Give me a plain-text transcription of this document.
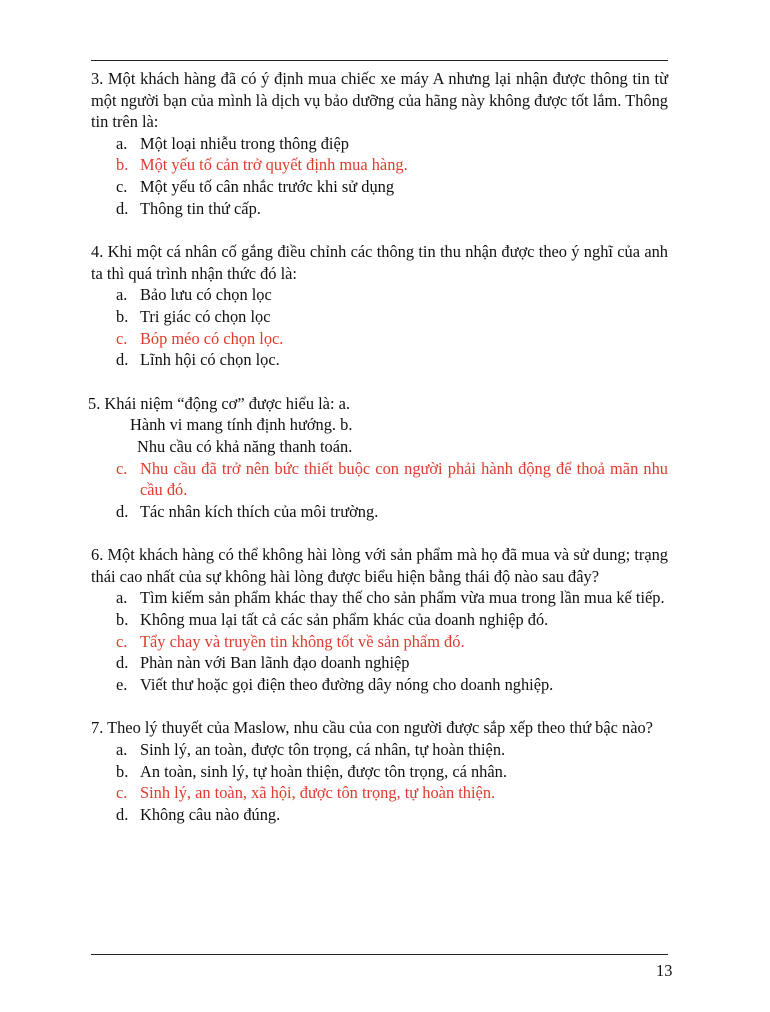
3. Một khách hàng đã có ý định mua chiếc xe máy A nhưng lại nhận được thông tin từ một người bạn của mình là dịch vụ bảo dưỡng của hãng này không được tốt lắm. Thông tin trên là:
a. Một loại nhiễu trong thông điệp
b. Một yếu tố cản trở quyết định mua hàng.
c. Một yếu tố cân nhắc trước khi sử dụng
d. Thông tin thứ cấp.
4. Khi một cá nhân cố gắng điều chỉnh các thông tin thu nhận được theo ý nghĩ của anh ta thì quá trình nhận thức đó là:
a. Bảo lưu có chọn lọc
b. Tri giác có chọn lọc
c. Bóp méo có chọn lọc.
d. Lĩnh hội có chọn lọc.
5. Khái niệm “động cơ” được hiểu là: a.
Hành vi mang tính định hướng. b.
Nhu cầu có khả năng thanh toán.
c. Nhu cầu đã trở nên bức thiết buộc con người phải hành động để thoả mãn nhu cầu đó.
d. Tác nhân kích thích của môi trường.
6. Một khách hàng có thể không hài lòng với sản phẩm mà họ đã mua và sử dung; trạng thái cao nhất của sự không hài lòng được biểu hiện bằng thái độ nào sau đây?
a. Tìm kiếm sản phẩm khác thay thế cho sản phẩm vừa mua trong lần mua kế tiếp.
b. Không mua lại tất cả các sản phẩm khác của doanh nghiệp đó.
c. Tẩy chay và truyền tin không tốt về sản phẩm đó.
d. Phàn nàn với Ban lãnh đạo doanh nghiệp
e. Viết thư hoặc gọi điện theo đường dây nóng cho doanh nghiệp.
7. Theo lý thuyết của Maslow, nhu cầu của con người được sắp xếp theo thứ bậc nào?
a. Sinh lý, an toàn, được tôn trọng, cá nhân, tự hoàn thiện.
b. An toàn, sinh lý, tự hoàn thiện, được tôn trọng, cá nhân.
c. Sinh lý, an toàn, xã hội, được tôn trọng, tự hoàn thiện.
d. Không câu nào đúng.
13
